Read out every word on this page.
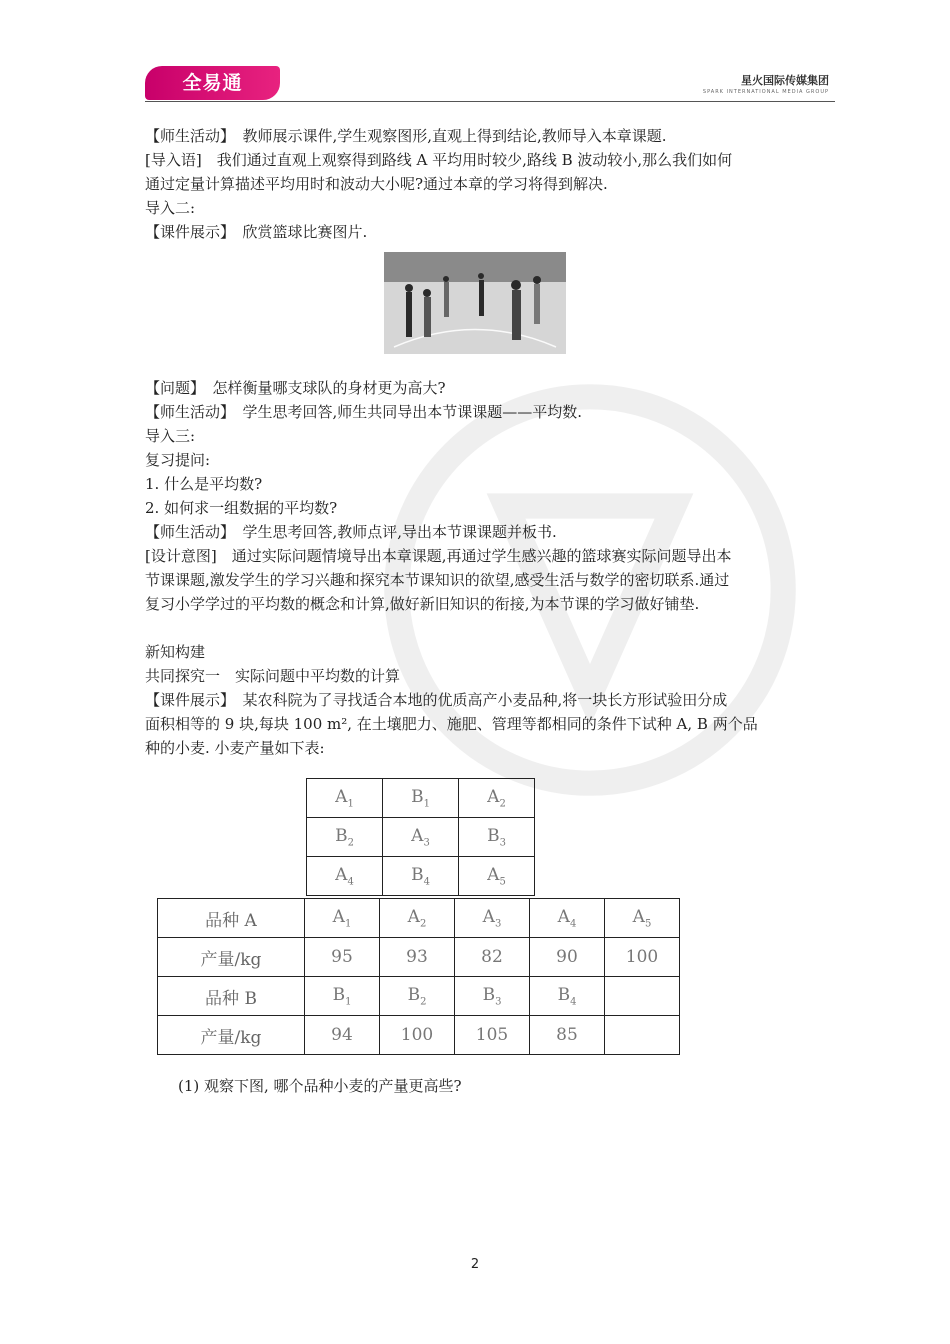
全易通	星火国际传媒集团
SPARK INTERNATIONAL MEDIA GROUP

【师生活动】　教师展示课件,学生观察图形,直观上得到结论,教师导入本章课题.

[导入语]　我们通过直观上观察得到路线 A 平均用时较少,路线 B 波动较小,那么我们如何

通过定量计算描述平均用时和波动大小呢?通过本章的学习将得到解决.

导入二:

【课件展示】　欣赏篮球比赛图片.

【问题】　怎样衡量哪支球队的身材更为高大?

【师生活动】　学生思考回答,师生共同导出本节课课题——平均数.

导入三:

复习提问:

1. 什么是平均数?

2. 如何求一组数据的平均数?

【师生活动】　学生思考回答,教师点评,导出本节课课题并板书.

[设计意图]　通过实际问题情境导出本章课题,再通过学生感兴趣的篮球赛实际问题导出本

节课课题,激发学生的学习兴趣和探究本节课知识的欲望,感受生活与数学的密切联系.通过

复习小学学过的平均数的概念和计算,做好新旧知识的衔接,为本节课的学习做好铺垫.

新知构建

共同探究一　实际问题中平均数的计算

【课件展示】　某农科院为了寻找适合本地的优质高产小麦品种,将一块长方形试验田分成

面积相等的 9 块,每块 100 m², 在土壤肥力、施肥、管理等都相同的条件下试种 A, B 两个品

种的小麦. 小麦产量如下表:

$A_1$	$B_1$	$A_2$
$B_2$	$A_3$	$B_3$
$A_4$	$B_4$	$A_5$
品种 A	$A_1$	$A_2$	$A_3$	$A_4$	$A_5$
产量/kg	95	93	82	90	100
品种 B	$B_1$	$B_2$	$B_3$	$B_4$	
产量/kg	94	100	105	85	
(1) 观察下图, 哪个品种小麦的产量更高些?
2
